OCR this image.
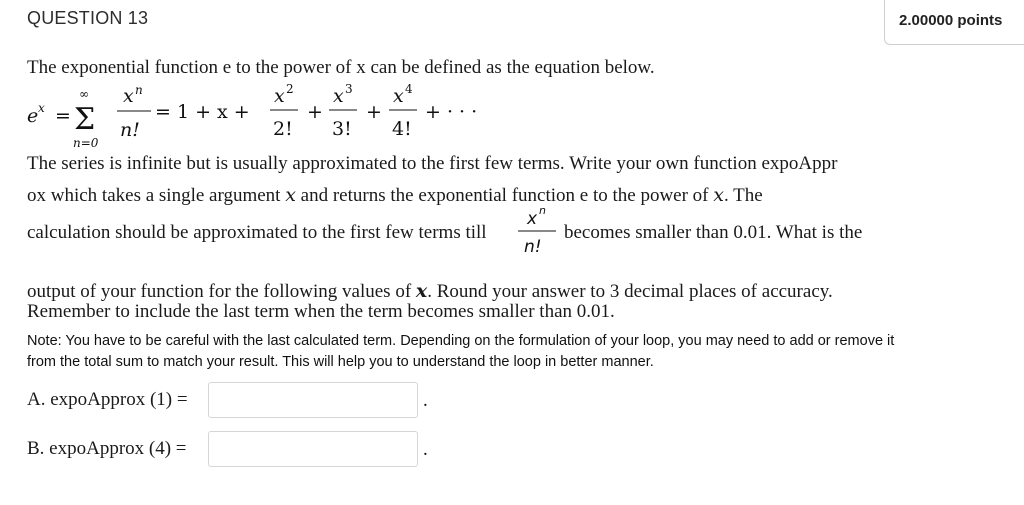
QUESTION 13	2.00000 points
The exponential function e to the power of x can be defined as the equation below.
e x =
∞
Σ
n=0
x n
n!
= 1 + x +
x 2
2!
+
x 3
3!
+
x 4
4!
+ · · ·
The series is infinite but is usually approximated to the first few terms. Write your own function expoAppr
ox which takes a single argument x and returns the exponential function e to the power of x. The
calculation should be approximated to the first few terms till
x n
n!
becomes smaller than 0.01. What is the
output of your function for the following values of x. Round your answer to 3 decimal places of accuracy.
Remember to include the last term when the term becomes smaller than 0.01.
Note: You have to be careful with the last calculated term. Depending on the formulation of your loop, you may need to add or remove it from the total sum to match your result. This will help you to understand the loop in better manner.
A. expoApprox (1) =	.
B. expoApprox (4) =	.
